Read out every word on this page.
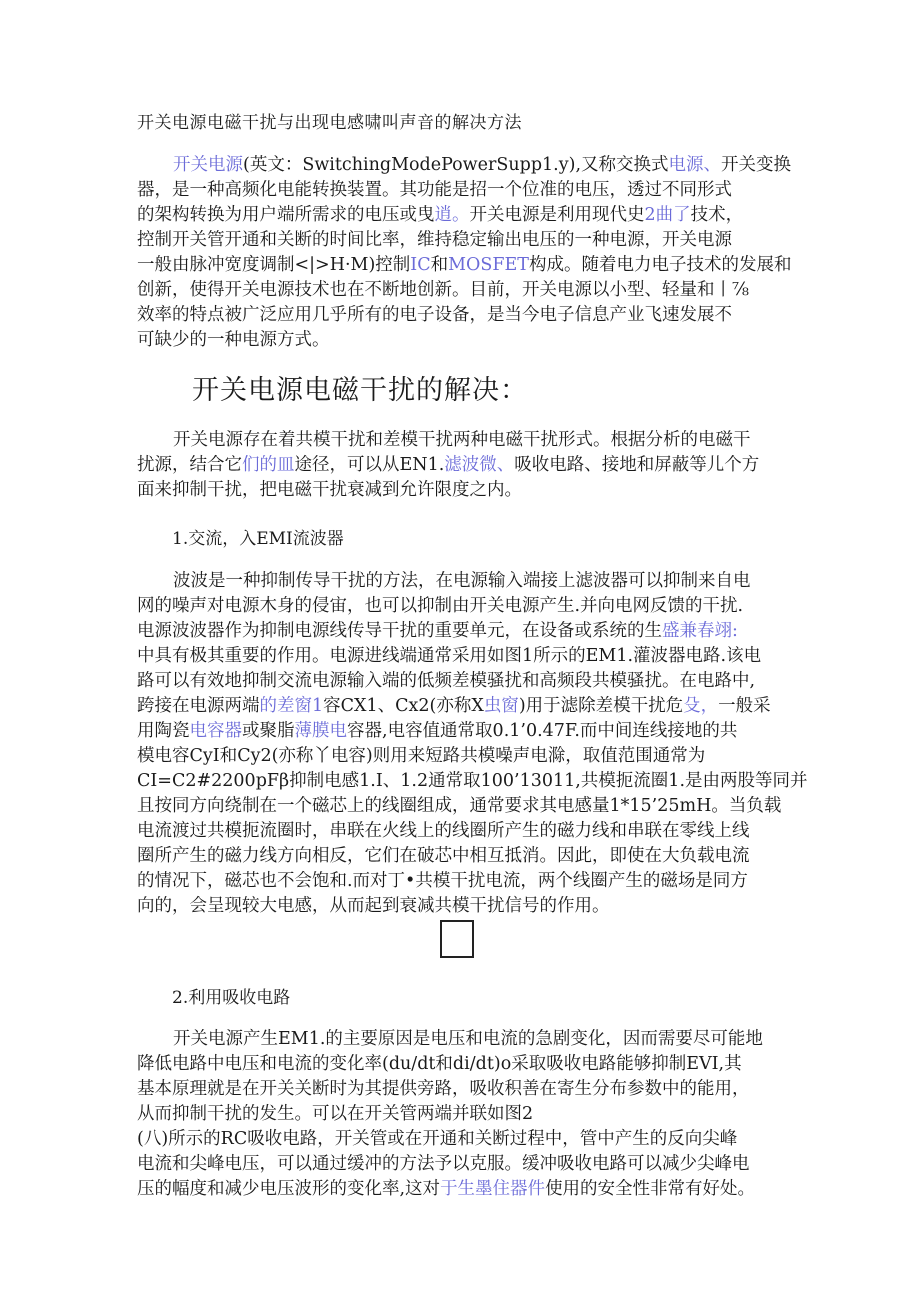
开关电源电磁干扰与出现电感啸叫声音的解决方法
开关电源(英文：SwitchingModePowerSupp1.y),又称交换式电源、开关变换
器，是一种高频化电能转换装置。其功能是招一个位准的电压，透过不同形式
的架构转换为用户端所需求的电压或曳逍。开关电源是利用现代史2曲了技术，
控制开关管开通和关断的时间比率，维持稳定输出电压的一种电源，开关电源
一般由脉冲宽度调制<|>H·M)控制IC和MOSFET构成。随着电力电子技术的发展和
创新，使得开关电源技术也在不断地创新。目前，开关电源以小型、轻量和丨⅞
效率的特点被广泛应用几乎所有的电子设备，是当今电子信息产业飞速发展不
可缺少的一种电源方式。
开关电源电磁干扰的解决：
开关电源存在着共模干扰和差模干扰两种电磁干扰形式。根据分析的电磁干
扰源，结合它们的皿途径，可以从EN1.滤波微、吸收电路、接地和屏蔽等儿个方
面来抑制干扰，把电磁干扰衰减到允许限度之内。
1.交流，入EMI流波器
波波是一种抑制传导干扰的方法，在电源输入端接上滤波器可以抑制来自电
网的噪声对电源木身的侵宙，也可以抑制由开关电源产生.并向电网反馈的干扰.
电源波波器作为抑制电源线传导干扰的重要单元，在设备或系统的生盛兼春翊:
中具有极其重要的作用。电源进线端通常采用如图1所示的EM1.灌波器电路.该电
路可以有效地抑制交流电源输入端的低频差模骚扰和高频段共模骚扰。在电路中,
跨接在电源两端的差窗1容CX1、Cx2(亦称X虫窗)用于滤除差模干扰危殳，一般采
用陶瓷电容器或聚脂薄膜电容器,电容值通常取0.1’0.47F.而中间连线接地的共
模电容CyI和Cy2(亦称丫电容)则用来短路共模噪声电滁，取值范围通常为
CI=C2#2200pFβ抑制电感1.I、1.2通常取100’13011,共模扼流圈1.是由两股等同并
且按同方向绕制在一个磁芯上的线圈组成，通常要求其电感量1*15’25mH。当负载
电流渡过共模扼流圈时，串联在火线上的线圈所产生的磁力线和串联在零线上线
圈所产生的磁力线方向相反，它们在破芯中相互抵消。因此，即使在大负载电流
的情况下，磁芯也不会饱和.而对丁•共模干扰电流，两个线圈产生的磁场是同方
向的，会呈现较大电感，从而起到衰减共模干扰信号的作用。
2.利用吸收电路
开关电源产生EM1.的主要原因是电压和电流的急剧变化，因而需要尽可能地
降低电路中电压和电流的变化率(du/dt和di/dt)o采取吸收电路能够抑制EVI,其
基本原理就是在开关关断时为其提供旁路，吸收积善在寄生分布参数中的能用，
从而抑制干扰的发生。可以在开关管两端并联如图2
(八)所示的RC吸收电路，开关管或在开通和关断过程中，管中产生的反向尖峰
电流和尖峰电压，可以通过缓冲的方法予以克服。缓冲吸收电路可以减少尖峰电
压的幅度和减少电压波形的变化率,这对于生墨住器件使用的安全性非常有好处。
